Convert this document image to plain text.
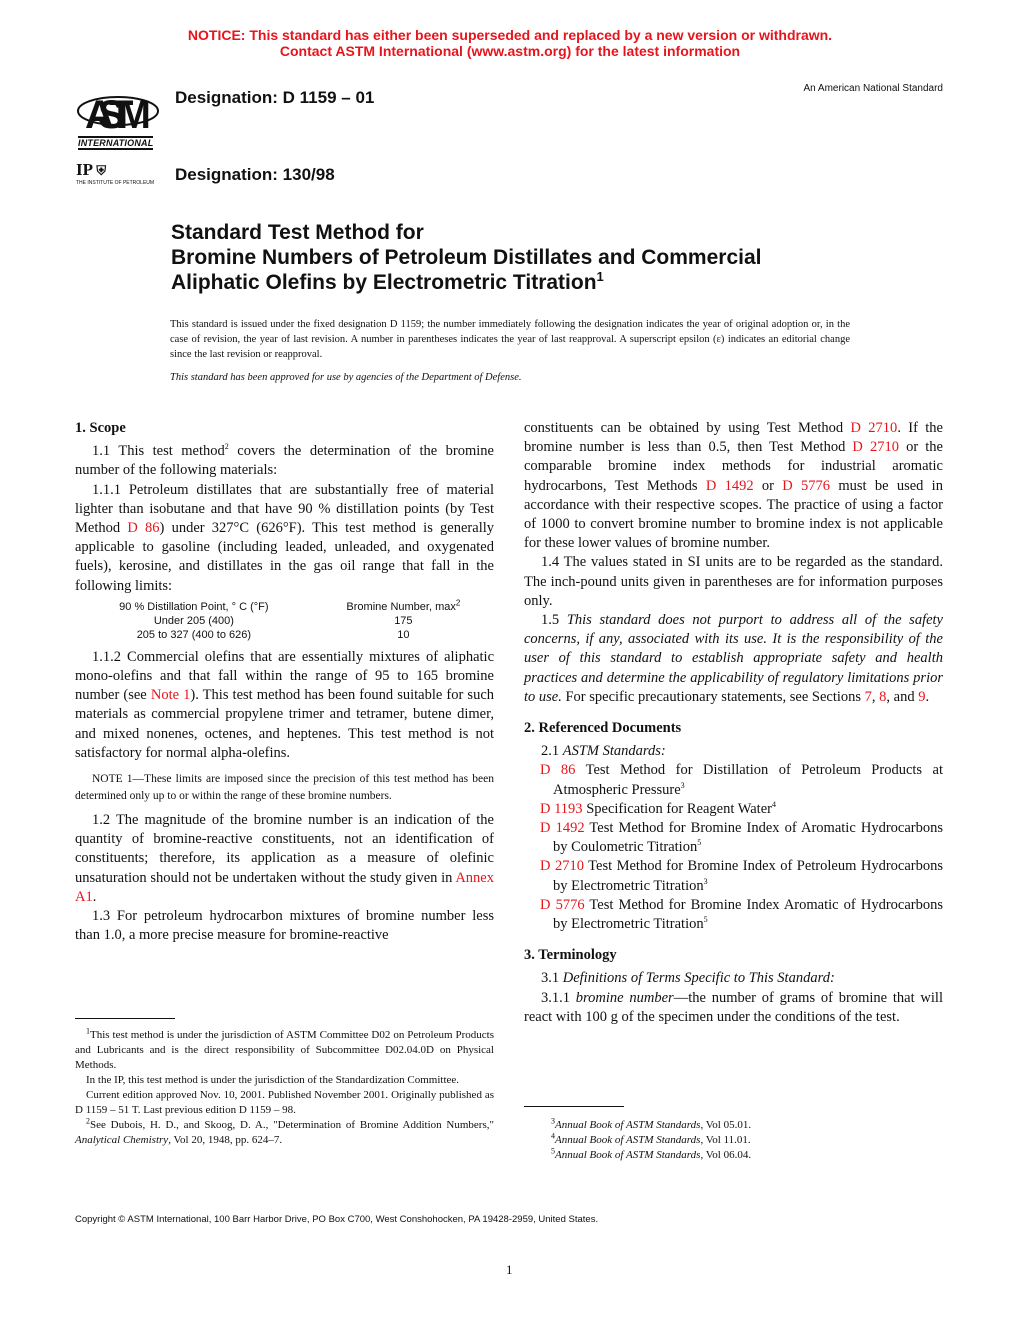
NOTICE: This standard has either been superseded and replaced by a new version or withdrawn.
Contact ASTM International (www.astm.org) for the latest information
ASTM
INTERNATIONAL
IP ⛨
THE INSTITUTE OF PETROLEUM
Designation: D 1159 – 01
Designation: 130/98
An American National Standard
Standard Test Method for
Bromine Numbers of Petroleum Distillates and Commercial
Aliphatic Olefins by Electrometric Titration$^1$
This standard is issued under the fixed designation D 1159; the number immediately following the designation indicates the year of original adoption or, in the case of revision, the year of last revision. A number in parentheses indicates the year of last reapproval. A superscript epsilon (ε) indicates an editorial change since the last revision or reapproval.
This standard has been approved for use by agencies of the Department of Defense.
1. Scope

1.1 This test method$^2$ covers the determination of the bromine number of the following materials:

1.1.1 Petroleum distillates that are substantially free of material lighter than isobutane and that have 90 % distillation points (by Test Method D 86) under 327°C (626°F). This test method is generally applicable to gasoline (including leaded, unleaded, and oxygenated fuels), kerosine, and distillates in the gas oil range that fall in the following limits:

90 % Distillation Point, ° C (°F)	Bromine Number, $\max^2$
Under 205 (400)	175
205 to 327 (400 to 626)	10

1.1.2 Commercial olefins that are essentially mixtures of aliphatic mono-olefins and that fall within the range of 95 to 165 bromine number (see Note 1). This test method has been found suitable for such materials as commercial propylene trimer and tetramer, butene dimer, and mixed nonenes, octenes, and heptenes. This test method is not satisfactory for normal alpha-olefins.

NOTE 1—These limits are imposed since the precision of this test method has been determined only up to or within the range of these bromine numbers.

1.2 The magnitude of the bromine number is an indication of the quantity of bromine-reactive constituents, not an identification of constituents; therefore, its application as a measure of olefinic unsaturation should not be undertaken without the study given in Annex A1.

1.3 For petroleum hydrocarbon mixtures of bromine number less than 1.0, a more precise measure for bromine-reactive

constituents can be obtained by using Test Method D 2710. If the bromine number is less than 0.5, then Test Method D 2710 or the comparable bromine index methods for industrial aromatic hydrocarbons, Test Methods D 1492 or D 5776 must be used in accordance with their respective scopes. The practice of using a factor of 1000 to convert bromine number to bromine index is not applicable for these lower values of bromine number.

1.4 The values stated in SI units are to be regarded as the standard. The inch-pound units given in parentheses are for information purposes only.

1.5 This standard does not purport to address all of the safety concerns, if any, associated with its use. It is the responsibility of the user of this standard to establish appropriate safety and health practices and determine the applicability of regulatory limitations prior to use. For specific precautionary statements, see Sections 7, 8, and 9.

2. Referenced Documents

2.1 ASTM Standards:

D 86 Test Method for Distillation of Petroleum Products at Atmospheric Pressure$^3$

D 1193 Specification for Reagent Water$^4$

D 1492 Test Method for Bromine Index of Aromatic Hydrocarbons by Coulometric Titration$^5$

D 2710 Test Method for Bromine Index of Petroleum Hydrocarbons by Electrometric Titration$^3$

D 5776 Test Method for Bromine Index Aromatic of Hydrocarbons by Electrometric Titration$^5$

3. Terminology

3.1 Definitions of Terms Specific to This Standard:

3.1.1 bromine number—the number of grams of bromine that will react with 100 g of the specimen under the conditions of the test.

$^1$This test method is under the jurisdiction of ASTM Committee D02 on Petroleum Products and Lubricants and is the direct responsibility of Subcommittee D02.04.0D on Physical Methods.

In the IP, this test method is under the jurisdiction of the Standardization Committee.

Current edition approved Nov. 10, 2001. Published November 2001. Originally published as D 1159 – 51 T. Last previous edition D 1159 – 98.

$^2$See Dubois, H. D., and Skoog, D. A., "Determination of Bromine Addition Numbers," Analytical Chemistry, Vol 20, 1948, pp. 624–7.

$^3$Annual Book of ASTM Standards, Vol 05.01.

$^4$Annual Book of ASTM Standards, Vol 11.01.

$^5$Annual Book of ASTM Standards, Vol 06.04.

Copyright © ASTM International, 100 Barr Harbor Drive, PO Box C700, West Conshohocken, PA 19428-2959, United States.
1
